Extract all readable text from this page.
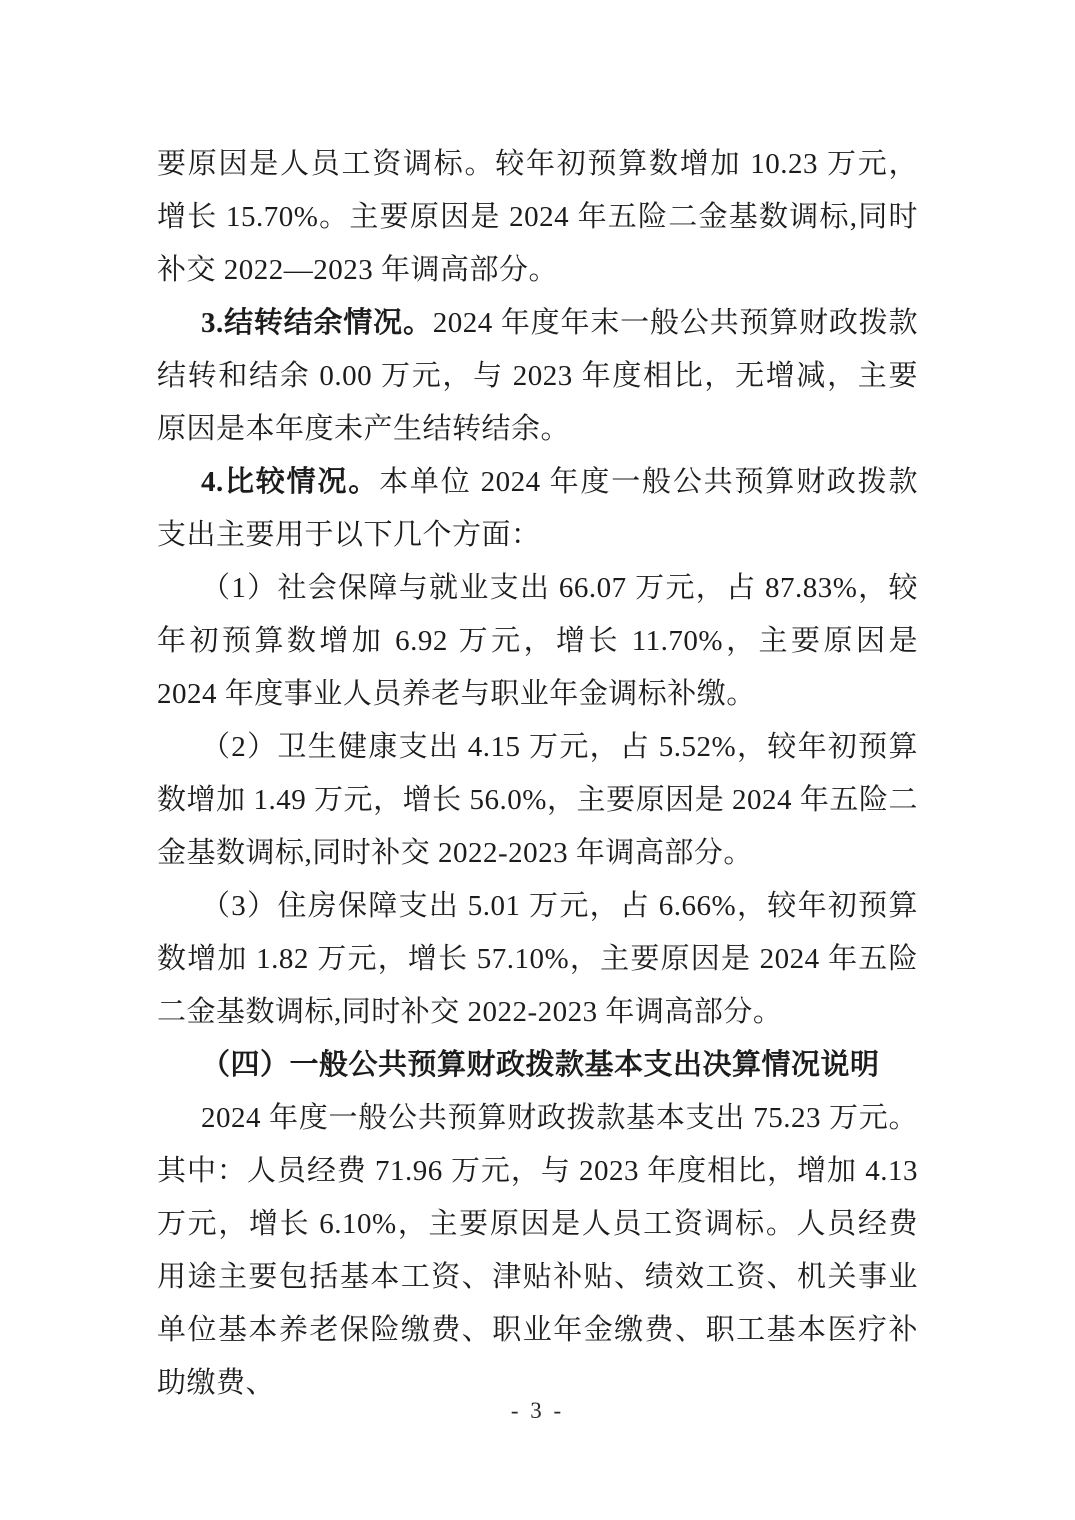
要原因是人员工资调标。较年初预算数增加 10.23 万元，增长 15.70%。主要原因是 2024 年五险二金基数调标,同时补交 2022—2023 年调高部分。

3.结转结余情况。2024 年度年末一般公共预算财政拨款结转和结余 0.00 万元，与 2023 年度相比，无增减，主要原因是本年度未产生结转结余。

4.比较情况。本单位 2024 年度一般公共预算财政拨款支出主要用于以下几个方面：

（1）社会保障与就业支出 66.07 万元，占 87.83%，较年初预算数增加 6.92 万元，增长 11.70%，主要原因是 2024 年度事业人员养老与职业年金调标补缴。

（2）卫生健康支出 4.15 万元，占 5.52%，较年初预算数增加 1.49 万元，增长 56.0%，主要原因是 2024 年五险二金基数调标,同时补交 2022-2023 年调高部分。

（3）住房保障支出 5.01 万元，占 6.66%，较年初预算数增加 1.82 万元，增长 57.10%，主要原因是 2024 年五险二金基数调标,同时补交 2022-2023 年调高部分。

（四）一般公共预算财政拨款基本支出决算情况说明

2024 年度一般公共预算财政拨款基本支出 75.23 万元。其中：人员经费 71.96 万元，与 2023 年度相比，增加 4.13 万元，增长 6.10%，主要原因是人员工资调标。人员经费用途主要包括基本工资、津贴补贴、绩效工资、机关事业单位基本养老保险缴费、职业年金缴费、职工基本医疗补助缴费、

- 3 -
